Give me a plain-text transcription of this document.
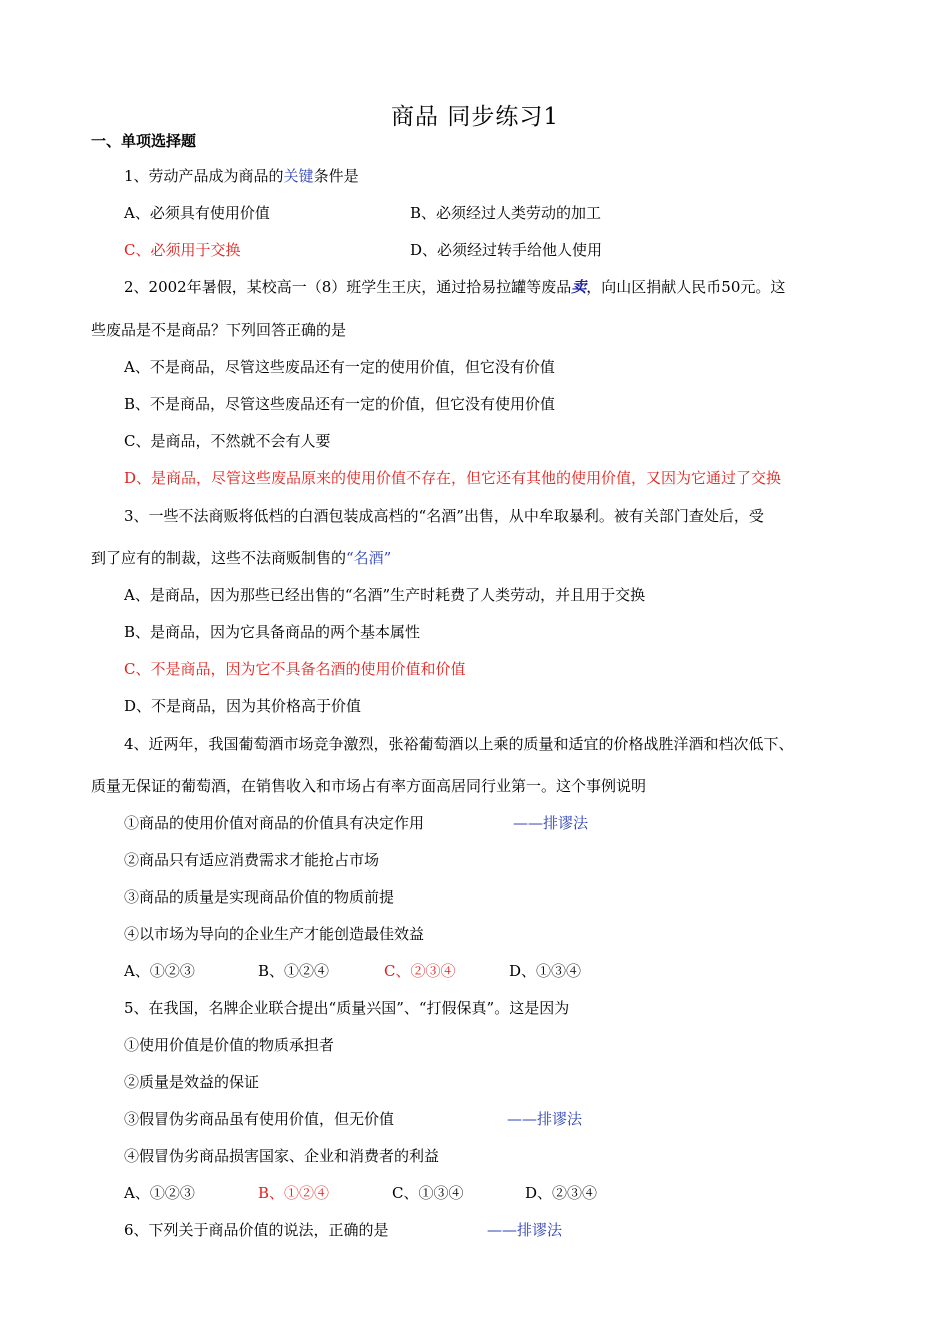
商品 同步练习1
一、单项选择题
1、劳动产品成为商品的关键条件是
A、必须具有使用价值	B、必须经过人类劳动的加工
C、必须用于交换	D、必须经过转手给他人使用
2、2002年暑假，某校高一（8）班学生王庆，通过拾易拉罐等废品卖，向山区捐献人民币50元。这
些废品是不是商品？下列回答正确的是
A、不是商品，尽管这些废品还有一定的使用价值，但它没有价值
B、不是商品，尽管这些废品还有一定的价值，但它没有使用价值
C、是商品，不然就不会有人要
D、是商品，尽管这些废品原来的使用价值不存在，但它还有其他的使用价值，又因为它通过了交换
3、一些不法商贩将低档的白酒包装成高档的“名酒”出售，从中牟取暴利。被有关部门查处后，受
到了应有的制裁，这些不法商贩制售的“名酒”
A、是商品，因为那些已经出售的“名酒”生产时耗费了人类劳动，并且用于交换
B、是商品，因为它具备商品的两个基本属性
C、不是商品，因为它不具备名酒的使用价值和价值
D、不是商品，因为其价格高于价值
4、近两年，我国葡萄酒市场竞争激烈，张裕葡萄酒以上乘的质量和适宜的价格战胜洋酒和档次低下、
质量无保证的葡萄酒，在销售收入和市场占有率方面高居同行业第一。这个事例说明
①商品的使用价值对商品的价值具有决定作用	——排谬法
②商品只有适应消费需求才能抢占市场
③商品的质量是实现商品价值的物质前提
④以市场为导向的企业生产才能创造最佳效益
A、①②③	B、①②④	C、②③④	D、①③④
5、在我国，名牌企业联合提出“质量兴国”、“打假保真”。这是因为
①使用价值是价值的物质承担者
②质量是效益的保证
③假冒伪劣商品虽有使用价值，但无价值	——排谬法
④假冒伪劣商品损害国家、企业和消费者的利益
A、①②③	B、①②④	C、①③④	D、②③④
6、下列关于商品价值的说法，正确的是	——排谬法
